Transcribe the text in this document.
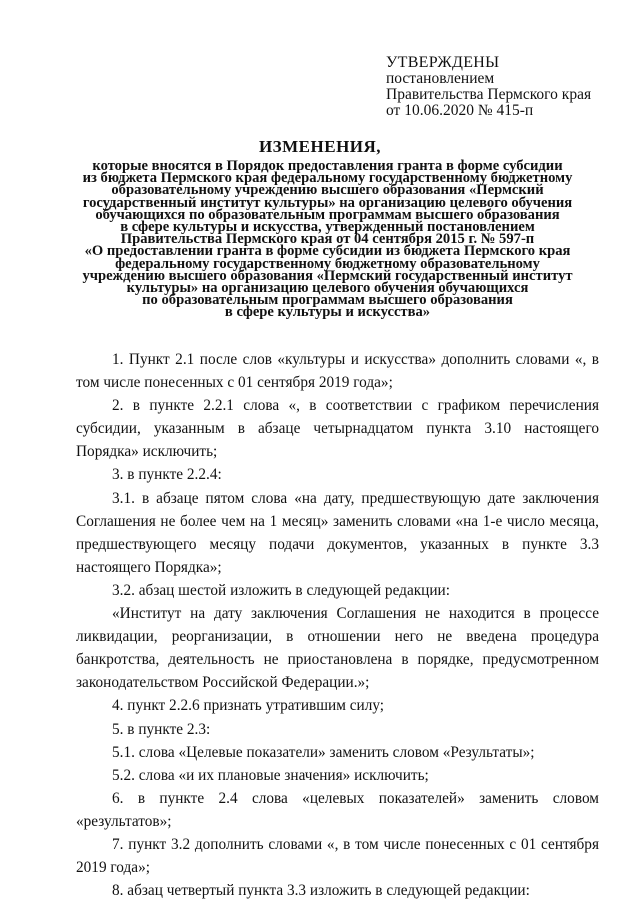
УТВЕРЖДЕНЫ
постановлением
Правительства Пермского края
от 10.06.2020 № 415-п
ИЗМЕНЕНИЯ,
которые вносятся в Порядок предоставления гранта в форме субсидии
из бюджета Пермского края федеральному государственному бюджетному
образовательному учреждению высшего образования «Пермский
государственный институт культуры» на организацию целевого обучения
обучающихся по образовательным программам высшего образования
в сфере культуры и искусства, утвержденный постановлением
Правительства Пермского края от 04 сентября 2015 г. № 597-п
«О предоставлении гранта в форме субсидии из бюджета Пермского края
федеральному государственному бюджетному образовательному
учреждению высшего образования «Пермский государственный институт
культуры» на организацию целевого обучения обучающихся
по образовательным программам высшего образования
в сфере культуры и искусства»

1. Пункт 2.1 после слов «культуры и искусства» дополнить словами «, в том числе понесенных с 01 сентября 2019 года»;

2. в пункте 2.2.1 слова «, в соответствии с графиком перечисления субсидии, указанным в абзаце четырнадцатом пункта 3.10 настоящего Порядка» исключить;

3. в пункте 2.2.4:

3.1. в абзаце пятом слова «на дату, предшествующую дате заключения Соглашения не более чем на 1 месяц» заменить словами «на 1-е число месяца, предшествующего месяцу подачи документов, указанных в пункте 3.3 настоящего Порядка»;

3.2. абзац шестой изложить в следующей редакции:

«Институт на дату заключения Соглашения не находится в процессе ликвидации, реорганизации, в отношении него не введена процедура банкротства, деятельность не приостановлена в порядке, предусмотренном законодательством Российской Федерации.»;

4. пункт 2.2.6 признать утратившим силу;

5. в пункте 2.3:

5.1. слова «Целевые показатели» заменить словом «Результаты»;

5.2. слова «и их плановые значения» исключить;

6. в пункте 2.4 слова «целевых показателей» заменить словом «результатов»;

7. пункт 3.2 дополнить словами «, в том числе понесенных с 01 сентября 2019 года»;

8. абзац четвертый пункта 3.3 изложить в следующей редакции:
